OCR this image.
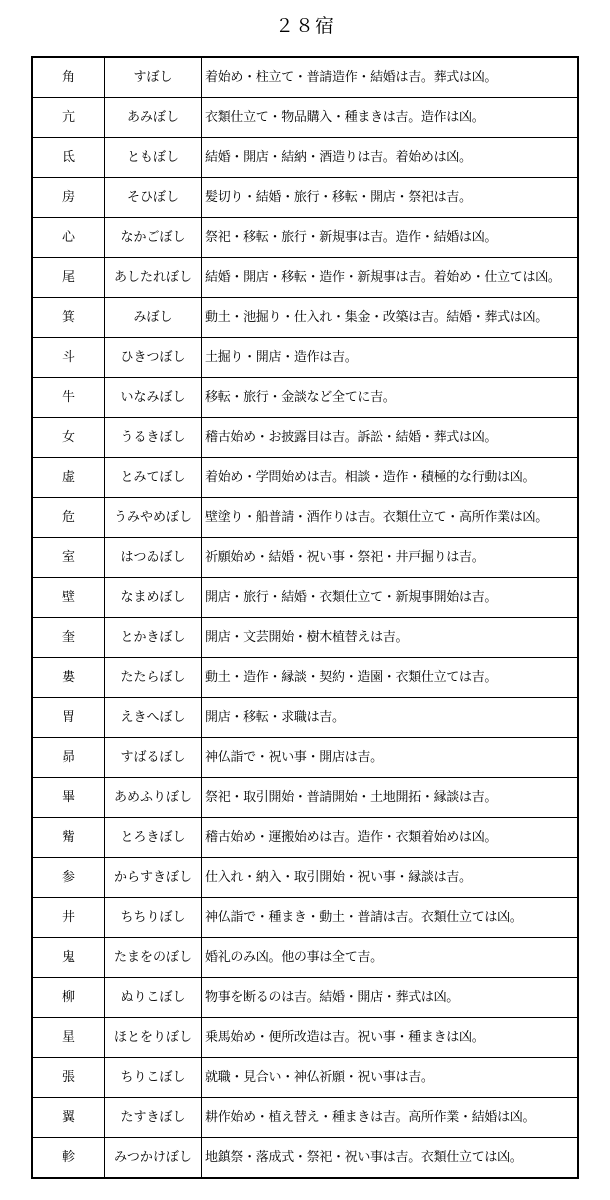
２８宿
角	すぼし	着始め・柱立て・普請造作・結婚は吉。葬式は凶。
亢	あみぼし	衣類仕立て・物品購入・種まきは吉。造作は凶。
氐	ともぼし	結婚・開店・結納・酒造りは吉。着始めは凶。
房	そひぼし	髪切り・結婚・旅行・移転・開店・祭祀は吉。
心	なかごぼし	祭祀・移転・旅行・新規事は吉。造作・結婚は凶。
尾	あしたれぼし	結婚・開店・移転・造作・新規事は吉。着始め・仕立ては凶。
箕	みぼし	動土・池掘り・仕入れ・集金・改築は吉。結婚・葬式は凶。
斗	ひきつぼし	土掘り・開店・造作は吉。
牛	いなみぼし	移転・旅行・金談など全てに吉。
女	うるきぼし	稽古始め・お披露目は吉。訴訟・結婚・葬式は凶。
虚	とみてぼし	着始め・学問始めは吉。相談・造作・積極的な行動は凶。
危	うみやめぼし	壁塗り・船普請・酒作りは吉。衣類仕立て・高所作業は凶。
室	はつゐぼし	祈願始め・結婚・祝い事・祭祀・井戸掘りは吉。
壁	なまめぼし	開店・旅行・結婚・衣類仕立て・新規事開始は吉。
奎	とかきぼし	開店・文芸開始・樹木植替えは吉。
婁	たたらぼし	動土・造作・縁談・契約・造園・衣類仕立ては吉。
胃	えきへぼし	開店・移転・求職は吉。
昴	すばるぼし	神仏詣で・祝い事・開店は吉。
畢	あめふりぼし	祭祀・取引開始・普請開始・土地開拓・縁談は吉。
觜	とろきぼし	稽古始め・運搬始めは吉。造作・衣類着始めは凶。
参	からすきぼし	仕入れ・納入・取引開始・祝い事・縁談は吉。
井	ちちりぼし	神仏詣で・種まき・動土・普請は吉。衣類仕立ては凶。
鬼	たまをのぼし	婚礼のみ凶。他の事は全て吉。
柳	ぬりこぼし	物事を断るのは吉。結婚・開店・葬式は凶。
星	ほとをりぼし	乗馬始め・便所改造は吉。祝い事・種まきは凶。
張	ちりこぼし	就職・見合い・神仏祈願・祝い事は吉。
翼	たすきぼし	耕作始め・植え替え・種まきは吉。高所作業・結婚は凶。
軫	みつかけぼし	地鎮祭・落成式・祭祀・祝い事は吉。衣類仕立ては凶。
